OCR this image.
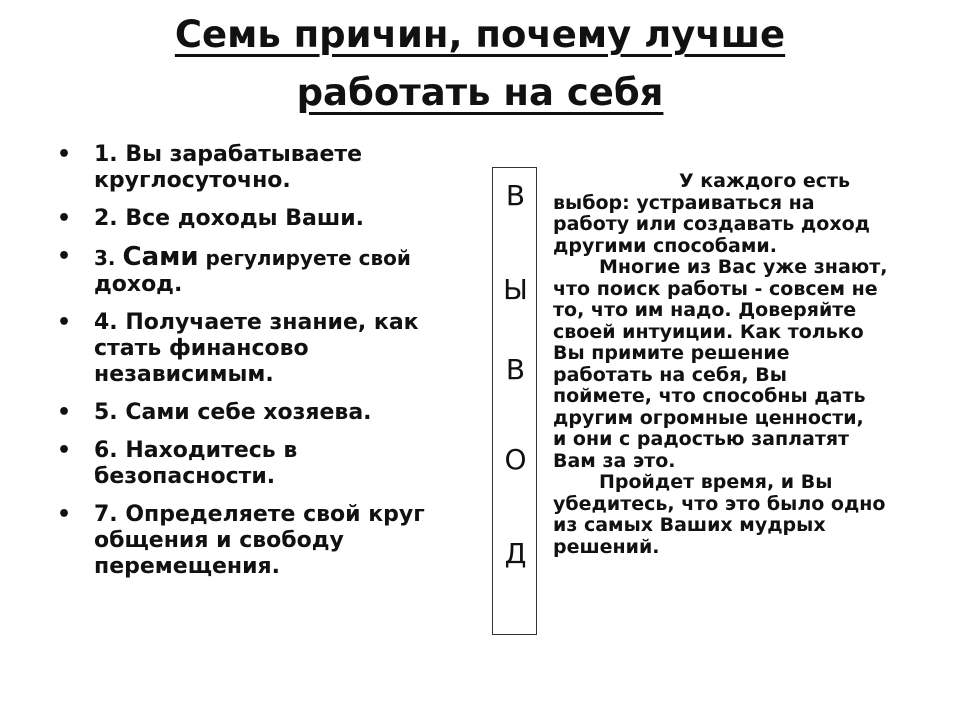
Семь причин, почему лучше
работать на себя
• 1. Вы зарабатываете
круглосуточно.
• 2. Все доходы Ваши.
• 3. Сами регулируете свой
доход.
• 4. Получаете знание, как
стать финансово
независимым.
• 5. Сами себе хозяева.
• 6. Находитесь в
безопасности.
• 7. Определяете свой круг
общения и свободу
перемещения.
В
Ы
В
О
Д

У каждого есть
выбор: устраиваться на
работу или создавать доход
другими способами.

Многие из Вас уже знают,
что поиск работы - совсем не
то, что им надо. Доверяйте
своей интуиции. Как только
Вы примите решение
работать на себя, Вы
поймете, что способны дать
другим огромные ценности,
и они с радостью заплатят
Вам за это.

Пройдет время, и Вы
убедитесь, что это было одно
из самых Ваших мудрых
решений.
